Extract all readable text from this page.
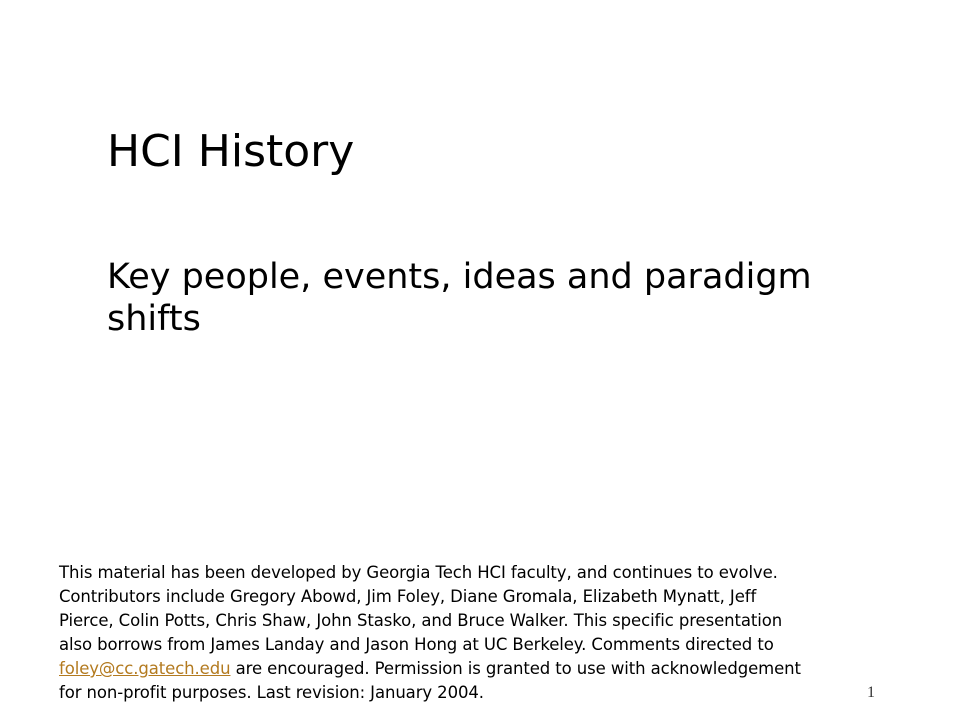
HCI History
Key people, events, ideas and paradigm shifts
This material has been developed by Georgia Tech HCI faculty, and continues to evolve.
Contributors include Gregory Abowd, Jim Foley, Diane Gromala, Elizabeth Mynatt, Jeff
Pierce, Colin Potts, Chris Shaw, John Stasko, and Bruce Walker. This specific presentation
also borrows from James Landay and Jason Hong at UC Berkeley. Comments directed to
foley@cc.gatech.edu are encouraged. Permission is granted to use with acknowledgement
for non-profit purposes. Last revision: January 2004.	1
